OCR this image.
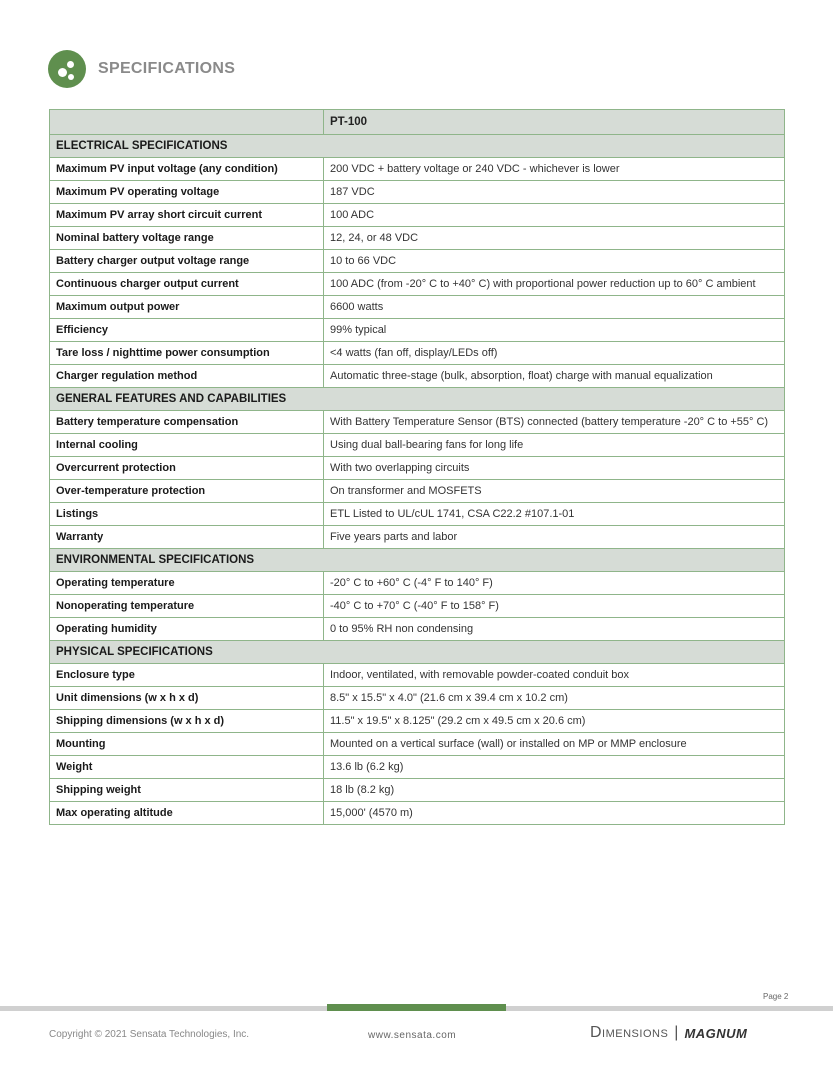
SPECIFICATIONS
	PT-100
ELECTRICAL SPECIFICATIONS	
Maximum PV input voltage (any condition)	200 VDC + battery voltage or 240 VDC - whichever is lower
Maximum PV operating voltage	187 VDC
Maximum PV array short circuit current	100 ADC
Nominal battery voltage range	12, 24, or 48 VDC
Battery charger output voltage range	10 to 66 VDC
Continuous charger output current	100 ADC (from -20° C to +40° C) with proportional power reduction up to 60° C ambient
Maximum output power	6600 watts
Efficiency	99% typical
Tare loss / nighttime power consumption	<4 watts (fan off, display/LEDs off)
Charger regulation method	Automatic three-stage (bulk, absorption, float) charge with manual equalization
GENERAL FEATURES AND CAPABILITIES	
Battery temperature compensation	With Battery Temperature Sensor (BTS) connected (battery temperature -20° C to +55° C)
Internal cooling	Using dual ball-bearing fans for long life
Overcurrent protection	With two overlapping circuits
Over-temperature protection	On transformer and MOSFETS
Listings	ETL Listed to UL/cUL 1741, CSA C22.2 #107.1-01
Warranty	Five years parts and labor
ENVIRONMENTAL SPECIFICATIONS	
Operating temperature	-20° C to +60° C (-4° F to 140° F)
Nonoperating temperature	-40° C to +70° C (-40° F to 158° F)
Operating humidity	0 to 95% RH non condensing
PHYSICAL SPECIFICATIONS	
Enclosure type	Indoor, ventilated, with removable powder-coated conduit box
Unit dimensions (w x h x d)	8.5" x 15.5" x 4.0" (21.6 cm x 39.4 cm x 10.2 cm)
Shipping dimensions (w x h x d)	11.5" x 19.5" x 8.125" (29.2 cm x 49.5 cm x 20.6 cm)
Mounting	Mounted on a vertical surface (wall) or installed on MP or MMP enclosure
Weight	13.6 lb (6.2 kg)
Shipping weight	18 lb (8.2 kg)
Max operating altitude	15,000' (4570 m)
Page 2
Copyright © 2021 Sensata Technologies, Inc.	www.sensata.com	Dimensions | MAGNUM
